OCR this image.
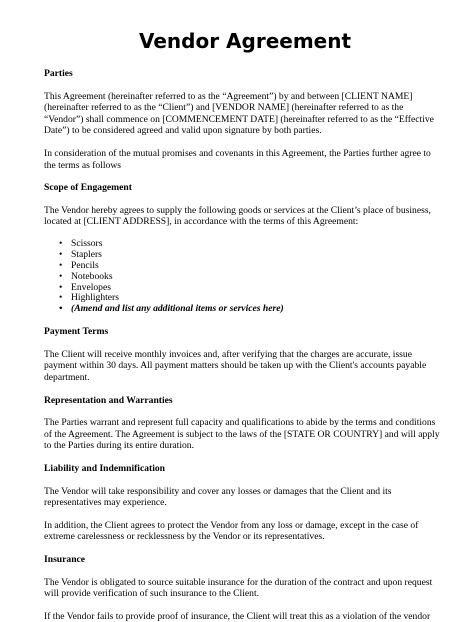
Vendor Agreement
Parties

This Agreement (hereinafter referred to as the “Agreement”) by and between [CLIENT NAME] (hereinafter referred to as the “Client”) and [VENDOR NAME] (hereinafter referred to as the “Vendor”) shall commence on [COMMENCEMENT DATE] (hereinafter referred to as the “Effective Date”) to be considered agreed and valid upon signature by both parties.

In consideration of the mutual promises and covenants in this Agreement, the Parties further agree to the terms as follows

Scope of Engagement

The Vendor hereby agrees to supply the following goods or services at the Client’s place of business, located at [CLIENT ADDRESS], in accordance with the terms of this Agreement:

• Scissors
• Staplers
• Pencils
• Notebooks
• Envelopes
• Highlighters
• (Amend and list any additional items or services here)
Payment Terms

The Client will receive monthly invoices and, after verifying that the charges are accurate, issue payment within 30 days. All payment matters should be taken up with the Client's accounts payable department.

Representation and Warranties

The Parties warrant and represent full capacity and qualifications to abide by the terms and conditions of the Agreement. The Agreement is subject to the laws of the [STATE OR COUNTRY] and will apply to the Parties during its entire duration.

Liability and Indemnification

The Vendor will take responsibility and cover any losses or damages that the Client and its representatives may experience.

In addition, the Client agrees to protect the Vendor from any loss or damage, except in the case of extreme carelessness or recklessness by the Vendor or its representatives.

Insurance

The Vendor is obligated to source suitable insurance for the duration of the contract and upon request will provide verification of such insurance to the Client.

If the Vendor fails to provide proof of insurance, the Client will treat this as a violation of the vendor
